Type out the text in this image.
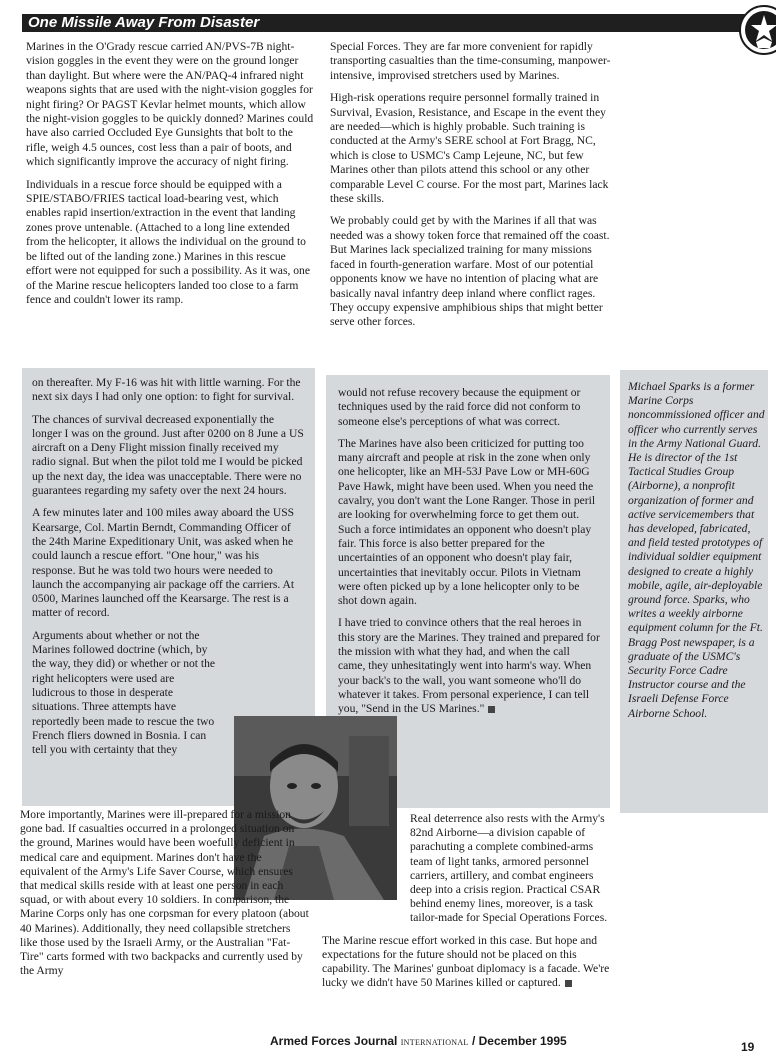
One Missile Away From Disaster

Marines in the O'Grady rescue carried AN/PVS-7B night-vision goggles in the event they were on the ground longer than daylight. But where were the AN/PAQ-4 infrared night weapons sights that are used with the night-vision goggles for night firing? Or PAGST Kevlar helmet mounts, which allow the night-vision goggles to be quickly donned? Marines could have also carried Occluded Eye Gunsights that bolt to the rifle, weigh 4.5 ounces, cost less than a pair of boots, and which significantly improve the accuracy of night firing.

Individuals in a rescue force should be equipped with a SPIE/STABO/FRIES tactical load-bearing vest, which enables rapid insertion/extraction in the event that landing zones prove untenable. (Attached to a long line extended from the helicopter, it allows the individual on the ground to be lifted out of the landing zone.) Marines in this rescue effort were not equipped for such a possibility. As it was, one of the Marine rescue helicopters landed too close to a farm fence and couldn't lower its ramp.

Special Forces. They are far more convenient for rapidly transporting casualties than the time-consuming, manpower-intensive, improvised stretchers used by Marines.

High-risk operations require personnel formally trained in Survival, Evasion, Resistance, and Escape in the event they are needed—which is highly probable. Such training is conducted at the Army's SERE school at Fort Bragg, NC, which is close to USMC's Camp Lejeune, NC, but few Marines other than pilots attend this school or any other comparable Level C course. For the most part, Marines lack these skills.

We probably could get by with the Marines if all that was needed was a showy token force that remained off the coast. But Marines lack specialized training for many missions faced in fourth-generation warfare. Most of our potential opponents know we have no intention of placing what are basically naval infantry deep inland where conflict rages. They occupy expensive amphibious ships that might better serve other forces.

on thereafter. My F-16 was hit with little warning. For the next six days I had only one option: to fight for survival.

The chances of survival decreased exponentially the longer I was on the ground. Just after 0200 on 8 June a US aircraft on a Deny Flight mission finally received my radio signal. But when the pilot told me I would be picked up the next day, the idea was unacceptable. There were no guarantees regarding my safety over the next 24 hours.

A few minutes later and 100 miles away aboard the USS Kearsarge, Col. Martin Berndt, Commanding Officer of the 24th Marine Expeditionary Unit, was asked when he could launch a rescue effort. "One hour," was his response. But he was told two hours were needed to launch the accompanying air package off the carriers. At 0500, Marines launched off the Kearsarge. The rest is a matter of record.

Arguments about whether or not the Marines followed doctrine (which, by the way, they did) or whether or not the right helicopters were used are ludicrous to those in desperate situations. Three attempts have reportedly been made to rescue the two French fliers downed in Bosnia. I can tell you with certainty that they

would not refuse recovery because the equipment or techniques used by the raid force did not conform to someone else's perceptions of what was correct.

The Marines have also been criticized for putting too many aircraft and people at risk in the zone when only one helicopter, like an MH-53J Pave Low or MH-60G Pave Hawk, might have been used. When you need the cavalry, you don't want the Lone Ranger. Those in peril are looking for overwhelming force to get them out. Such a force intimidates an opponent who doesn't play fair. This force is also better prepared for the uncertainties of an opponent who doesn't play fair, uncertainties that inevitably occur. Pilots in Vietnam were often picked up by a lone helicopter only to be shot down again.

I have tried to convince others that the real heroes in this story are the Marines. They trained and prepared for the mission with what they had, and when the call came, they unhesitatingly went into harm's way. When your back's to the wall, you want someone who'll do whatever it takes. From personal experience, I can tell you, "Send in the US Marines."

Michael Sparks is a former Marine Corps noncommissioned officer and officer who currently serves in the Army National Guard. He is director of the 1st Tactical Studies Group (Airborne), a nonprofit organization of former and active servicemembers that has developed, fabricated, and field tested prototypes of individual soldier equipment designed to create a highly mobile, agile, air-deployable ground force. Sparks, who writes a weekly airborne equipment column for the Ft. Bragg Post newspaper, is a graduate of the USMC's Security Force Cadre Instructor course and the Israeli Defense Force Airborne School.

More importantly, Marines were ill-prepared for a mission gone bad. If casualties occurred in a prolonged situation on the ground, Marines would have been woefully deficient in medical care and equipment. Marines don't have the equivalent of the Army's Life Saver Course, which ensures that medical skills reside with at least one person in each squad, or with about every 10 soldiers. In comparison, the Marine Corps only has one corpsman for every platoon (about 40 Marines). Additionally, they need collapsible stretchers like those used by the Israeli Army, or the Australian "Fat-Tire" carts formed with two backpacks and currently used by the Army

Real deterrence also rests with the Army's 82nd Airborne—a division capable of parachuting a complete combined-arms team of light tanks, armored personnel carriers, artillery, and combat engineers deep into a crisis region. Practical CSAR behind enemy lines, moreover, is a task tailor-made for Special Operations Forces.

The Marine rescue effort worked in this case. But hope and expectations for the future should not be placed on this capability. The Marines' gunboat diplomacy is a facade. We're lucky we didn't have 50 Marines killed or captured.

Armed Forces Journal INTERNATIONAL / December 1995	19
